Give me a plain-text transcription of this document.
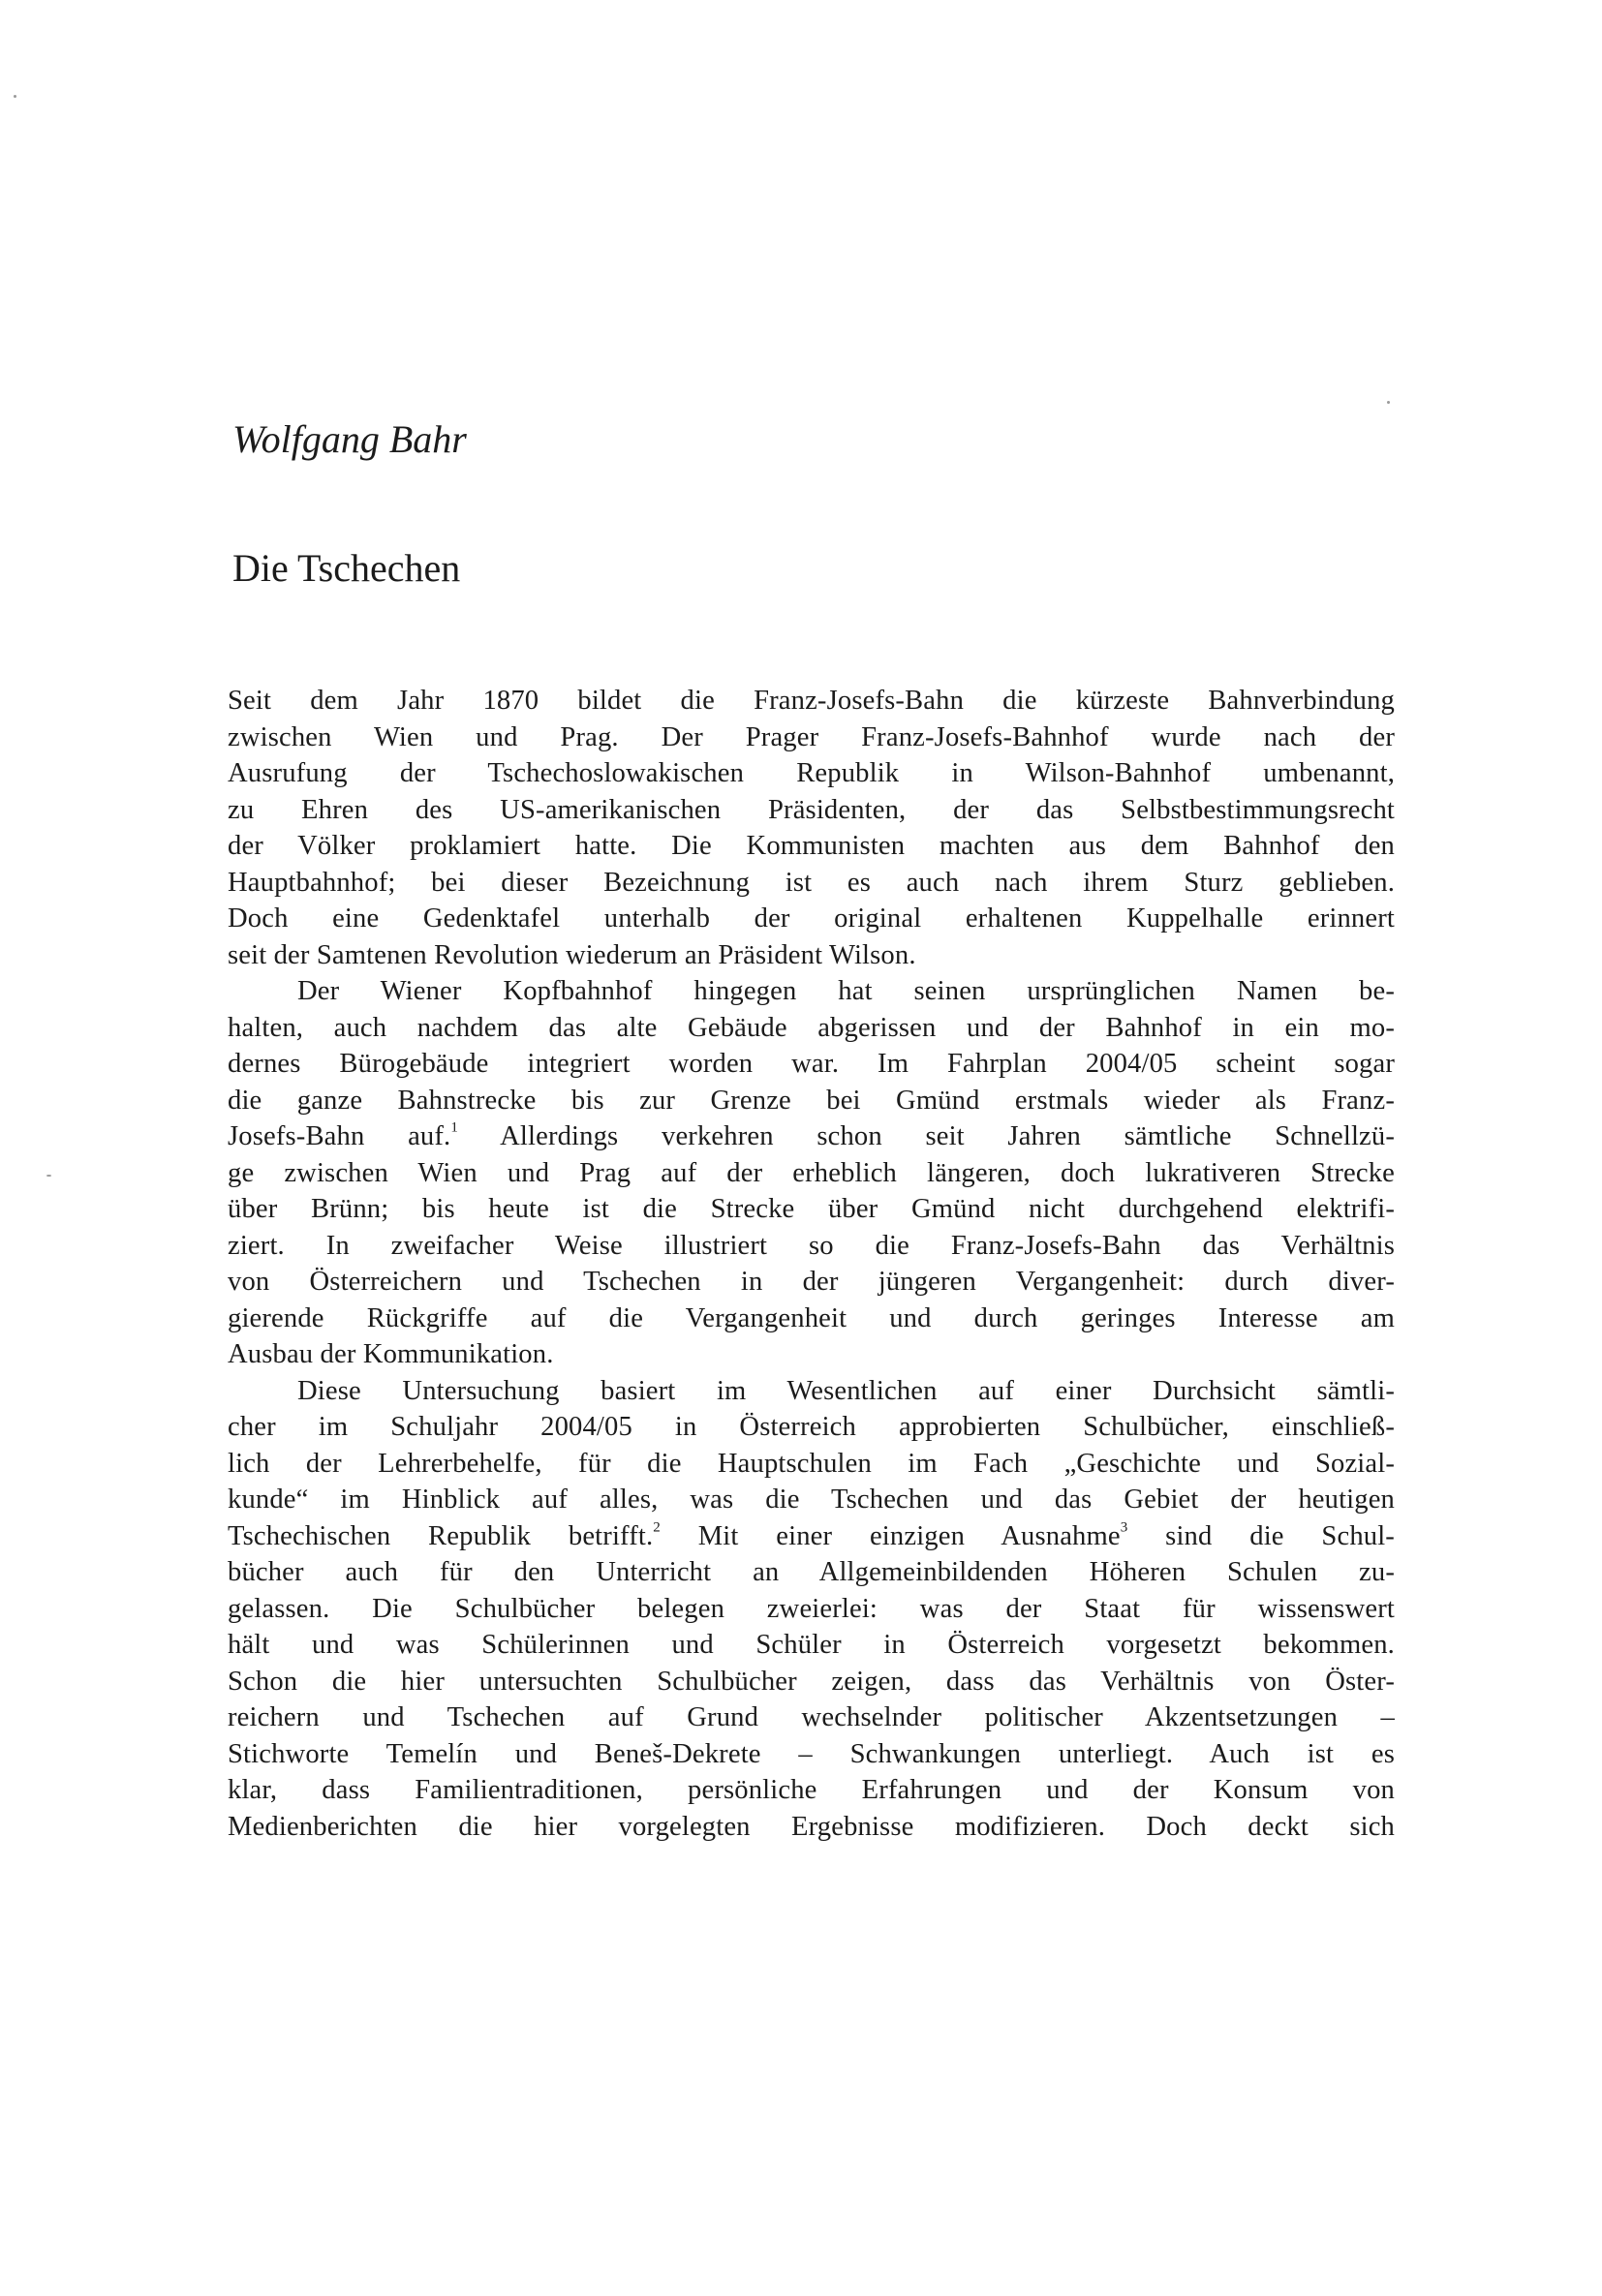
Wolfgang Bahr
Die Tschechen
Seit dem Jahr 1870 bildet die Franz-Josefs-Bahn die kürzeste Bahnverbindung
zwischen Wien und Prag. Der Prager Franz-Josefs-Bahnhof wurde nach der
Ausrufung der Tschechoslowakischen Republik in Wilson-Bahnhof umbenannt,
zu Ehren des US-amerikanischen Präsidenten, der das Selbstbestimmungsrecht
der Völker proklamiert hatte. Die Kommunisten machten aus dem Bahnhof den
Hauptbahnhof; bei dieser Bezeichnung ist es auch nach ihrem Sturz geblieben.
Doch eine Gedenktafel unterhalb der original erhaltenen Kuppelhalle erinnert
seit der Samtenen Revolution wiederum an Präsident Wilson.
Der Wiener Kopfbahnhof hingegen hat seinen ursprünglichen Namen be-
halten, auch nachdem das alte Gebäude abgerissen und der Bahnhof in ein mo-
dernes Bürogebäude integriert worden war. Im Fahrplan 2004/05 scheint sogar
die ganze Bahnstrecke bis zur Grenze bei Gmünd erstmals wieder als Franz-
Josefs-Bahn auf.$^1$ Allerdings verkehren schon seit Jahren sämtliche Schnellzü-
ge zwischen Wien und Prag auf der erheblich längeren, doch lukrativeren Strecke
über Brünn; bis heute ist die Strecke über Gmünd nicht durchgehend elektrifi-
ziert. In zweifacher Weise illustriert so die Franz-Josefs-Bahn das Verhältnis
von Österreichern und Tschechen in der jüngeren Vergangenheit: durch diver-
gierende Rückgriffe auf die Vergangenheit und durch geringes Interesse am
Ausbau der Kommunikation.
Diese Untersuchung basiert im Wesentlichen auf einer Durchsicht sämtli-
cher im Schuljahr 2004/05 in Österreich approbierten Schulbücher, einschließ-
lich der Lehrerbehelfe, für die Hauptschulen im Fach „Geschichte und Sozial-
kunde“ im Hinblick auf alles, was die Tschechen und das Gebiet der heutigen
Tschechischen Republik betrifft.$^2$ Mit einer einzigen Ausnahme$^3$ sind die Schul-
bücher auch für den Unterricht an Allgemeinbildenden Höheren Schulen zu-
gelassen. Die Schulbücher belegen zweierlei: was der Staat für wissenswert
hält und was Schülerinnen und Schüler in Österreich vorgesetzt bekommen.
Schon die hier untersuchten Schulbücher zeigen, dass das Verhältnis von Öster-
reichern und Tschechen auf Grund wechselnder politischer Akzentsetzungen –
Stichworte Temelín und Beneš-Dekrete – Schwankungen unterliegt. Auch ist es
klar, dass Familientraditionen, persönliche Erfahrungen und der Konsum von
Medienberichten die hier vorgelegten Ergebnisse modifizieren. Doch deckt sich
